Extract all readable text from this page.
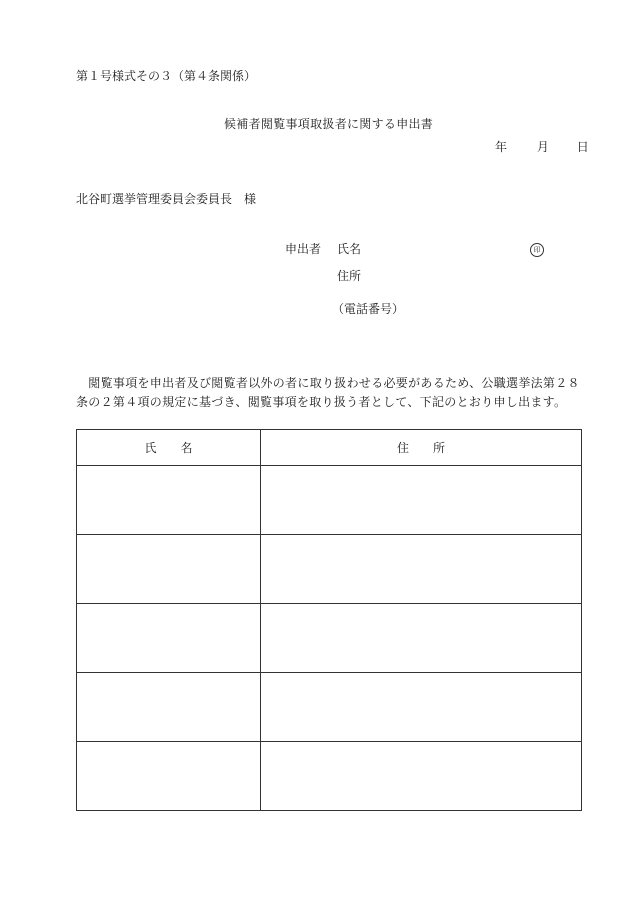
第１号様式その３（第４条関係）
候補者閲覧事項取扱者に関する申出書
年 月 日
北谷町選挙管理委員会委員長　様
申出者 氏名	印
住所
（電話番号）
　閲覧事項を申出者及び閲覧者以外の者に取り扱わせる必要があるため、公職選挙法第２８条の２第４項の規定に基づき、閲覧事項を取り扱う者として、下記のとおり申し出ます。
氏　　名	住　　所
